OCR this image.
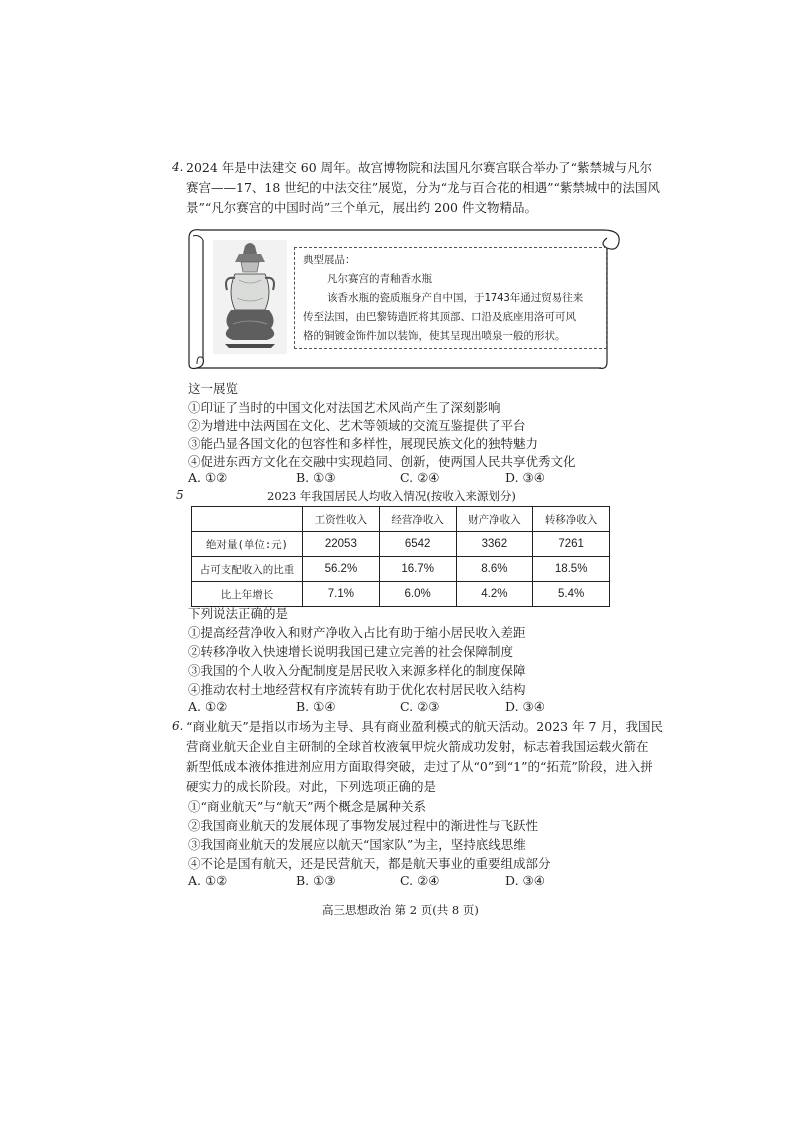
4. 2024 年是中法建交 60 周年。故宫博物院和法国凡尔赛宫联合举办了“紫禁城与凡尔
赛宫——17、18 世纪的中法交往”展览，分为“龙与百合花的相遇”“紫禁城中的法国风
景”“凡尔赛宫的中国时尚”三个单元，展出约 200 件文物精品。
典型展品：
凡尔赛宫的青釉香水瓶
该香水瓶的瓷质瓶身产自中国，于1743年通过贸易往来
传至法国，由巴黎铸造匠将其顶部、口沿及底座用洛可可风
格的铜镀金饰件加以装饰，使其呈现出喷泉一般的形状。
这一展览
①印证了当时的中国文化对法国艺术风尚产生了深刻影响
②为增进中法两国在文化、艺术等领域的交流互鉴提供了平台
③能凸显各国文化的包容性和多样性，展现民族文化的独特魅力
④促进东西方文化在交融中实现趋同、创新，使两国人民共享优秀文化
A. ①②	B. ①③	C. ②④	D. ③④
5	2023 年我国居民人均收入情况(按收入来源划分)
	工资性收入	经营净收入	财产净收入	转移净收入
绝对量(单位:元)	22053	6542	3362	7261
占可支配收入的比重	56.2%	16.7%	8.6%	18.5%
比上年增长	7.1%	6.0%	4.2%	5.4%
下列说法正确的是
①提高经营净收入和财产净收入占比有助于缩小居民收入差距
②转移净收入快速增长说明我国已建立完善的社会保障制度
③我国的个人收入分配制度是居民收入来源多样化的制度保障
④推动农村土地经营权有序流转有助于优化农村居民收入结构
A. ①②	B. ①④	C. ②③	D. ③④
6. “商业航天”是指以市场为主导、具有商业盈利模式的航天活动。2023 年 7 月，我国民
营商业航天企业自主研制的全球首枚液氧甲烷火箭成功发射，标志着我国运载火箭在
新型低成本液体推进剂应用方面取得突破，走过了从“0”到“1”的“拓荒”阶段，进入拼
硬实力的成长阶段。对此，下列选项正确的是
①“商业航天”与“航天”两个概念是属种关系
②我国商业航天的发展体现了事物发展过程中的渐进性与飞跃性
③我国商业航天的发展应以航天“国家队”为主，坚持底线思维
④不论是国有航天，还是民营航天，都是航天事业的重要组成部分
A. ①②	B. ①③	C. ②④	D. ③④
高三思想政治 第 2 页(共 8 页)
